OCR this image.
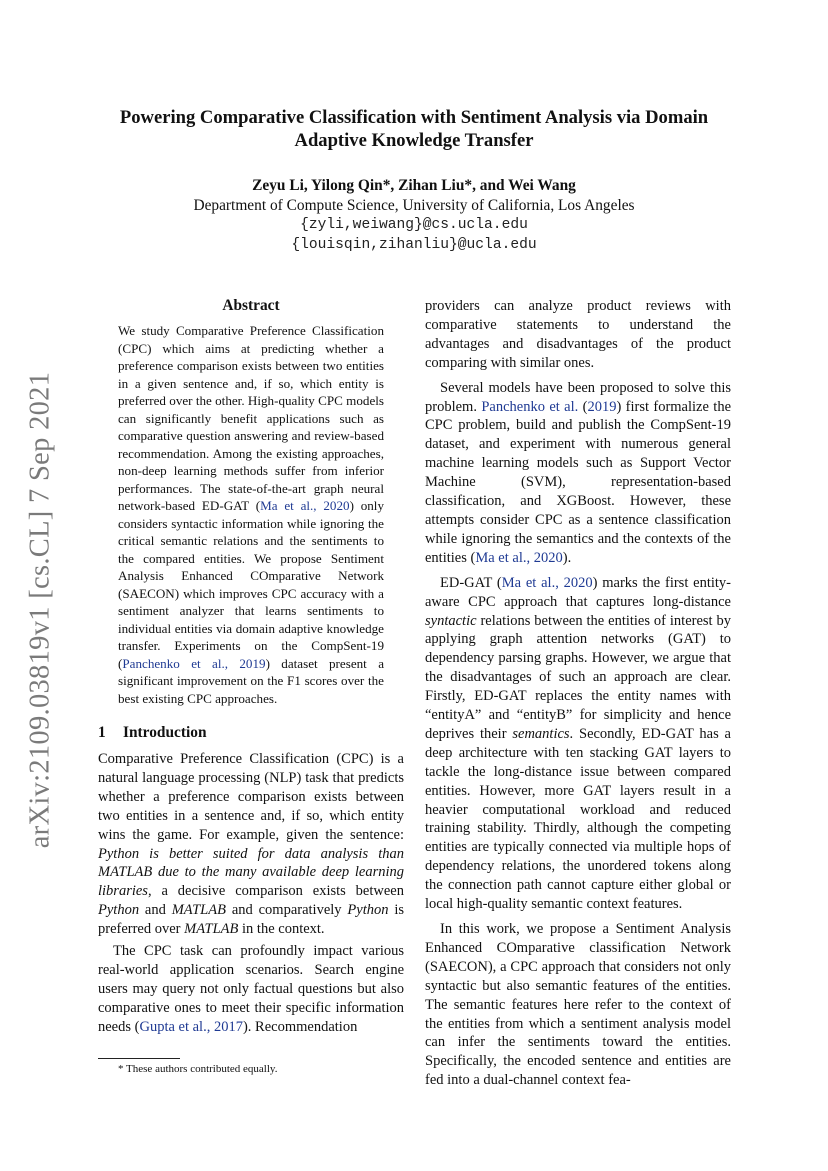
arXiv:2109.03819v1 [cs.CL] 7 Sep 2021
Powering Comparative Classification with Sentiment Analysis via Domain
Adaptive Knowledge Transfer
Zeyu Li, Yilong Qin*, Zihan Liu*, and Wei Wang
Department of Compute Science, University of California, Los Angeles
{zyli,weiwang}@cs.ucla.edu
{louisqin,zihanliu}@ucla.edu
Abstract

We study Comparative Preference Classification (CPC) which aims at predicting whether a preference comparison exists between two entities in a given sentence and, if so, which entity is preferred over the other. High-quality CPC models can significantly benefit applications such as comparative question answering and review-based recommendation. Among the existing approaches, non-deep learning methods suffer from inferior performances. The state-of-the-art graph neural network-based ED-GAT (Ma et al., 2020) only considers syntactic information while ignoring the critical semantic relations and the sentiments to the compared entities. We propose Sentiment Analysis Enhanced COmparative Network (SAECON) which improves CPC accuracy with a sentiment analyzer that learns sentiments to individual entities via domain adaptive knowledge transfer. Experiments on the CompSent-19 (Panchenko et al., 2019) dataset present a significant improvement on the F1 scores over the best existing CPC approaches.

1 Introduction

Comparative Preference Classification (CPC) is a natural language processing (NLP) task that predicts whether a preference comparison exists between two entities in a sentence and, if so, which entity wins the game. For example, given the sentence: Python is better suited for data analysis than MATLAB due to the many available deep learning libraries, a decisive comparison exists between Python and MATLAB and comparatively Python is preferred over MATLAB in the context.

The CPC task can profoundly impact various real-world application scenarios. Search engine users may query not only factual questions but also comparative ones to meet their specific information needs (Gupta et al., 2017). Recommendation

providers can analyze product reviews with comparative statements to understand the advantages and disadvantages of the product comparing with similar ones.

Several models have been proposed to solve this problem. Panchenko et al. (2019) first formalize the CPC problem, build and publish the CompSent-19 dataset, and experiment with numerous general machine learning models such as Support Vector Machine (SVM), representation-based classification, and XGBoost. However, these attempts consider CPC as a sentence classification while ignoring the semantics and the contexts of the entities (Ma et al., 2020).

ED-GAT (Ma et al., 2020) marks the first entity-aware CPC approach that captures long-distance syntactic relations between the entities of interest by applying graph attention networks (GAT) to dependency parsing graphs. However, we argue that the disadvantages of such an approach are clear. Firstly, ED-GAT replaces the entity names with “entityA” and “entityB” for simplicity and hence deprives their semantics. Secondly, ED-GAT has a deep architecture with ten stacking GAT layers to tackle the long-distance issue between compared entities. However, more GAT layers result in a heavier computational workload and reduced training stability. Thirdly, although the competing entities are typically connected via multiple hops of dependency relations, the unordered tokens along the connection path cannot capture either global or local high-quality semantic context features.

In this work, we propose a Sentiment Analysis Enhanced COmparative classification Network (SAECON), a CPC approach that considers not only syntactic but also semantic features of the entities. The semantic features here refer to the context of the entities from which a sentiment analysis model can infer the sentiments toward the entities. Specifically, the encoded sentence and entities are fed into a dual-channel context fea-

* These authors contributed equally.
